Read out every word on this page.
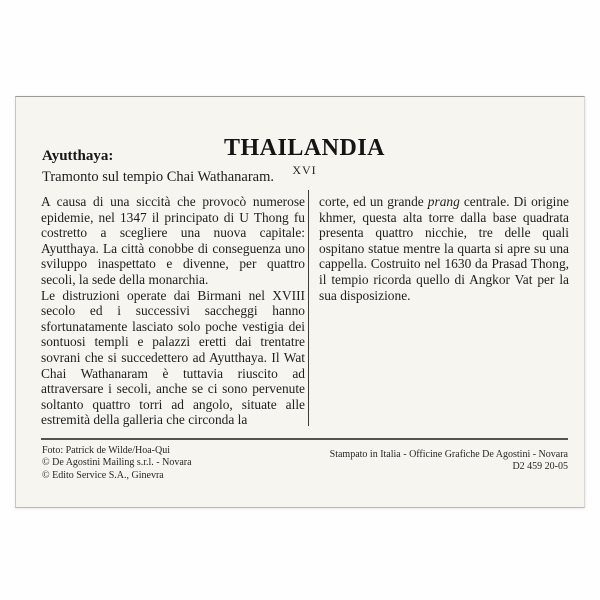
THAILANDIA
Ayutthaya:
Tramonto sul tempio Chai Wathanaram.	XVI

A causa di una siccità che provocò numerose epidemie, nel 1347 il principato di U Thong fu costretto a scegliere una nuova capitale: Ayutthaya. La città conobbe di conseguenza uno sviluppo inaspettato e divenne, per quattro secoli, la sede della monarchia.

Le distruzioni operate dai Birmani nel XVIII secolo ed i successivi saccheggi hanno sfortunatamente lasciato solo poche vestigia dei sontuosi templi e palazzi eretti dai trentatre sovrani che si succedettero ad Ayutthaya. Il Wat Chai Wathanaram è tuttavia riuscito ad attraversare i secoli, anche se ci sono pervenute soltanto quattro torri ad angolo, situate alle estremità della galleria che circonda la

corte, ed un grande prang centrale. Di origine khmer, questa alta torre dalla base quadrata presenta quattro nicchie, tre delle quali ospitano statue mentre la quarta si apre su una cappella. Costruito nel 1630 da Prasad Thong, il tempio ricorda quello di Angkor Vat per la sua disposizione.

Foto: Patrick de Wilde/Hoa-Qui
© De Agostini Mailing s.r.l. - Novara
© Edito Service S.A., Ginevra
Stampato in Italia - Officine Grafiche De Agostini - Novara
D2 459 20-05
